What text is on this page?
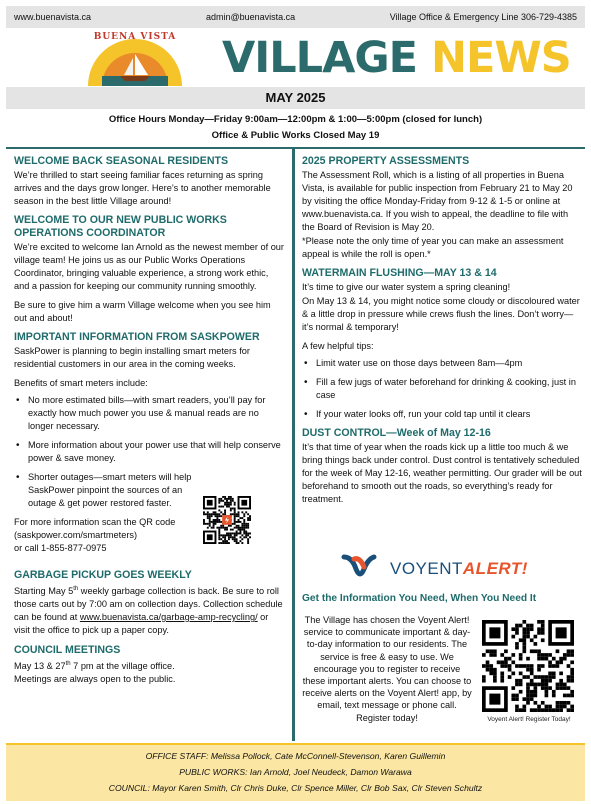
www.buenavista.ca	admin@buenavista.ca	Village Office & Emergency Line 306-729-4385
BUENA VISTA	VILLAGE NEWS
MAY 2025
Office Hours Monday—Friday 9:00am—12:00pm & 1:00—5:00pm (closed for lunch)
Office & Public Works Closed May 19
WELCOME BACK SEASONAL RESIDENTS
We’re thrilled to start seeing familiar faces returning as spring arrives and the days grow longer. Here’s to another memorable season in the best little Village around!
WELCOME TO OUR NEW PUBLIC WORKS OPERATIONS COORDINATOR
We’re excited to welcome Ian Arnold as the newest member of our village team! He joins us as our Public Works Operations Coordinator, bringing valuable experience, a strong work ethic, and a passion for keeping our community running smoothly.
Be sure to give him a warm Village welcome when you see him out and about!
IMPORTANT INFORMATION FROM SASKPOWER
SaskPower is planning to begin installing smart meters for residential customers in our area in the coming weeks.
Benefits of smart meters include:
• No more estimated bills—with smart readers, you’ll pay for exactly how much power you use & manual reads are no longer necessary.
• More information about your power use that will help conserve power & save money.
• Shorter outages—smart meters will help SaskPower pinpoint the sources of an outage & get power restored faster.
For more information scan the QR code
(saskpower.com/smartmeters)
or call 1-855-877-0975
GARBAGE PICKUP GOES WEEKLY
Starting May 5th weekly garbage collection is back. Be sure to roll those carts out by 7:00 am on collection days. Collection schedule can be found at www.buenavista.ca/garbage-amp-recycling/ or visit the office to pick up a paper copy.
COUNCIL MEETINGS
May 13 & 27th 7 pm at the village office.
Meetings are always open to the public.
2025 PROPERTY ASSESSMENTS
The Assessment Roll, which is a listing of all properties in Buena Vista, is available for public inspection from February 21 to May 20 by visiting the office Monday-Friday from 9-12 & 1-5 or online at www.buenavista.ca. If you wish to appeal, the deadline to file with the Board of Revision is May 20.
*Please note the only time of year you can make an assessment appeal is while the roll is open.*
WATERMAIN FLUSHING—MAY 13 & 14
It’s time to give our water system a spring cleaning!
On May 13 & 14, you might notice some cloudy or discoloured water & a little drop in pressure while crews flush the lines. Don’t worry—it’s normal & temporary!
A few helpful tips:
• Limit water use on those days between 8am—4pm
• Fill a few jugs of water beforehand for drinking & cooking, just in case
• If your water looks off, run your cold tap until it clears
DUST CONTROL—Week of May 12-16
It’s that time of year when the roads kick up a little too much & we bring things back under control. Dust control is tentatively scheduled for the week of May 12-16, weather permitting. Our grader will be out beforehand to smooth out the roads, so everything’s ready for treatment.
VOYENTALERT!
Get the Information You Need, When You Need It
The Village has chosen the Voyent Alert! service to communicate important & day-to-day information to our residents. The service is free & easy to use. We encourage you to register to receive these important alerts. You can choose to receive alerts on the Voyent Alert! app, by email, text message or phone call. Register today!	Voyent Alert! Register Today!
OFFICE STAFF: Melissa Pollock, Cate McConnell-Stevenson, Karen Guillemin
PUBLIC WORKS: Ian Arnold, Joel Neudeck, Damon Warawa
COUNCIL: Mayor Karen Smith, Clr Chris Duke, Clr Spence Miller, Clr Bob Sax, Clr Steven Schultz
